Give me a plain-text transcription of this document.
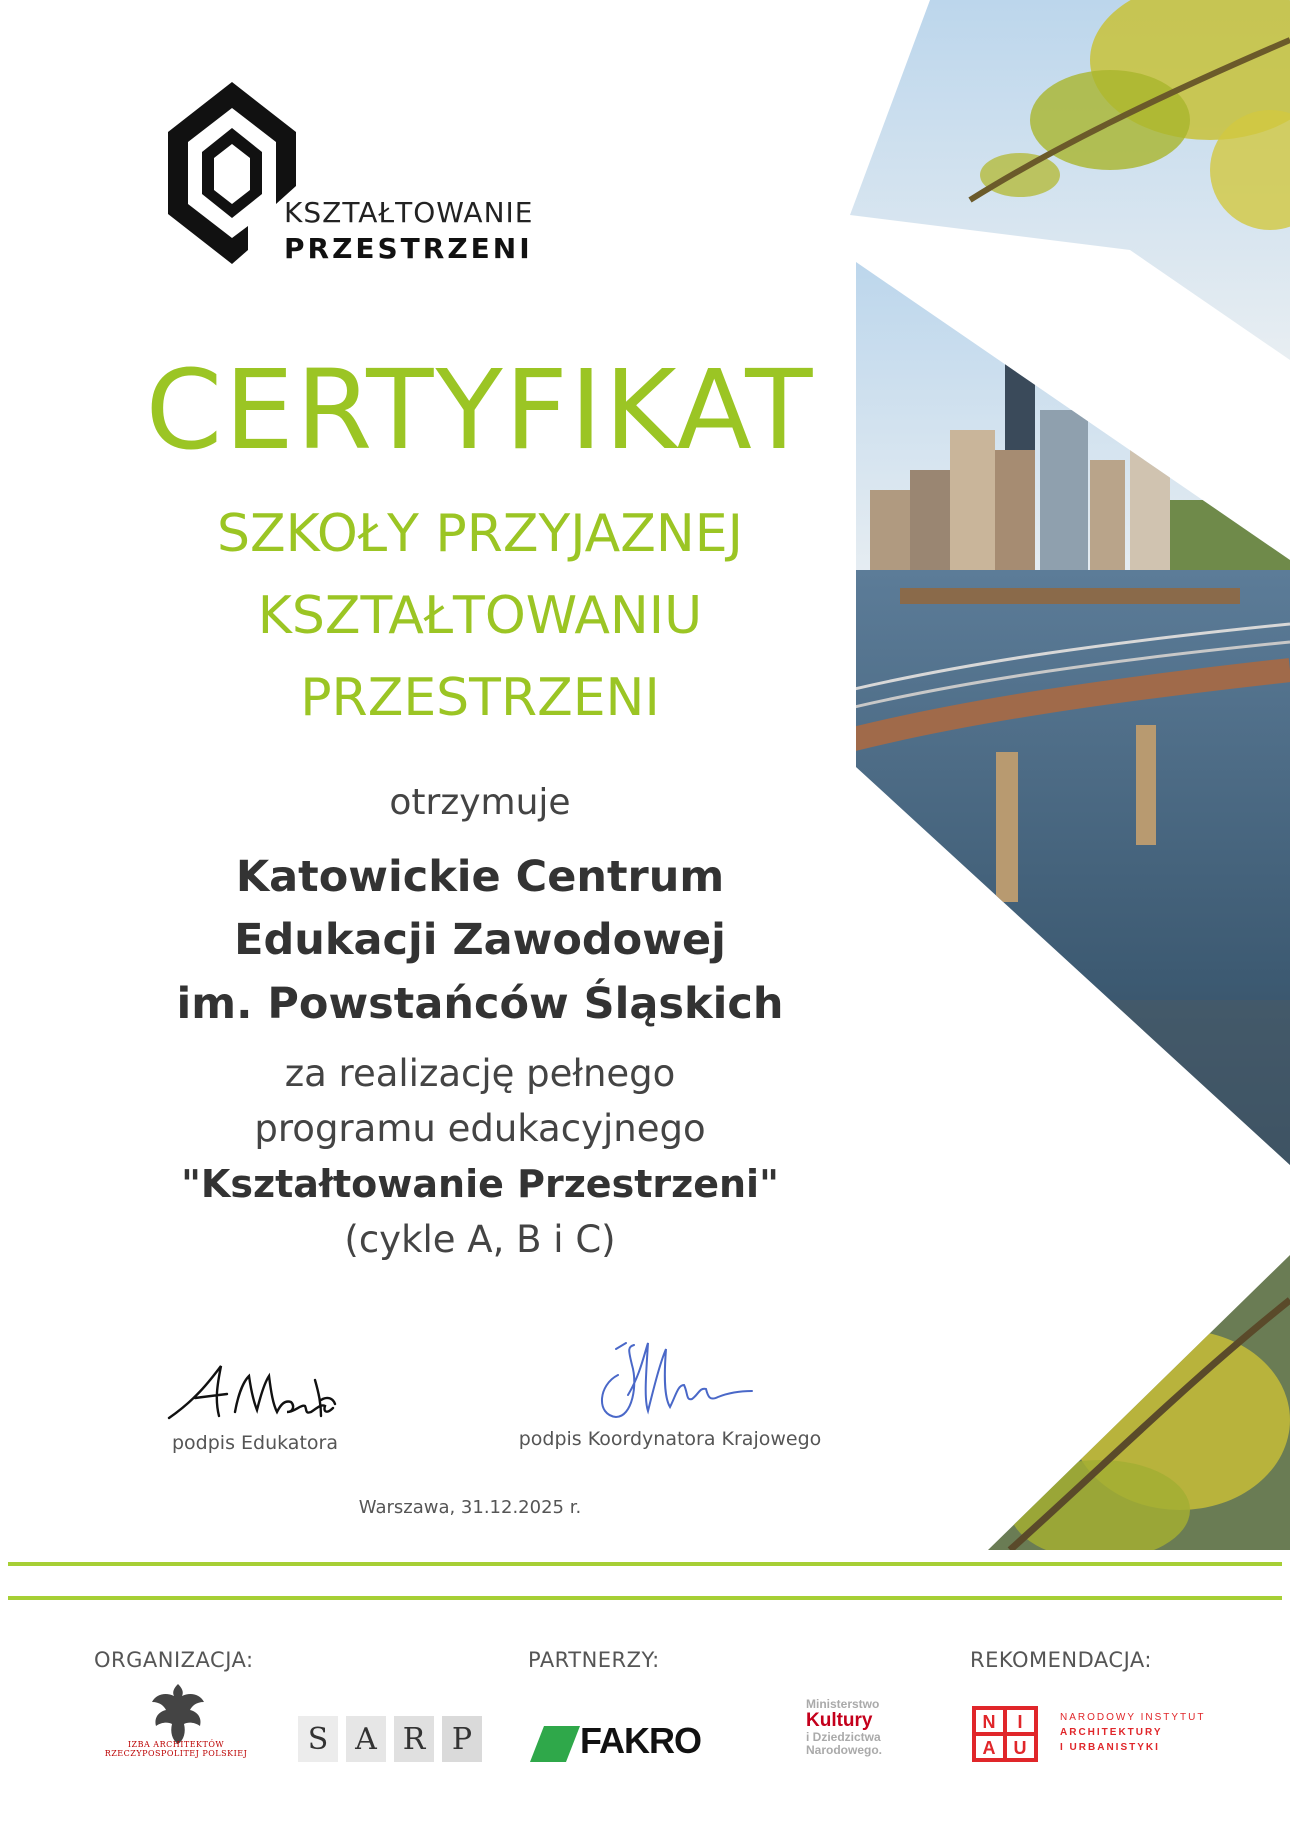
KSZTAŁTOWANIE
PRZESTRZENI
CERTYFIKAT
SZKOŁY PRZYJAZNEJ
KSZTAŁTOWANIU
PRZESTRZENI
otrzymuje
Katowickie Centrum
Edukacji Zawodowej
im. Powstańców Śląskich
za realizację pełnego
programu edukacyjnego
"Kształtowanie Przestrzeni"
(cykle A, B i C)
podpis Edukatora	podpis Koordynatora Krajowego
Warszawa, 31.12.2025 r.
ORGANIZACJA:	PARTNERZY:	REKOMENDACJA:
IZBA ARCHITEKTÓW RZECZYPOSPOLITEJ POLSKIEJ S A R P	FAKRO
Ministerstwo
Kultury
i Dziedzictwa
Narodowego.
N I
A U
NARODOWY INSTYTUT
ARCHITEKTURY
I URBANISTYKI
